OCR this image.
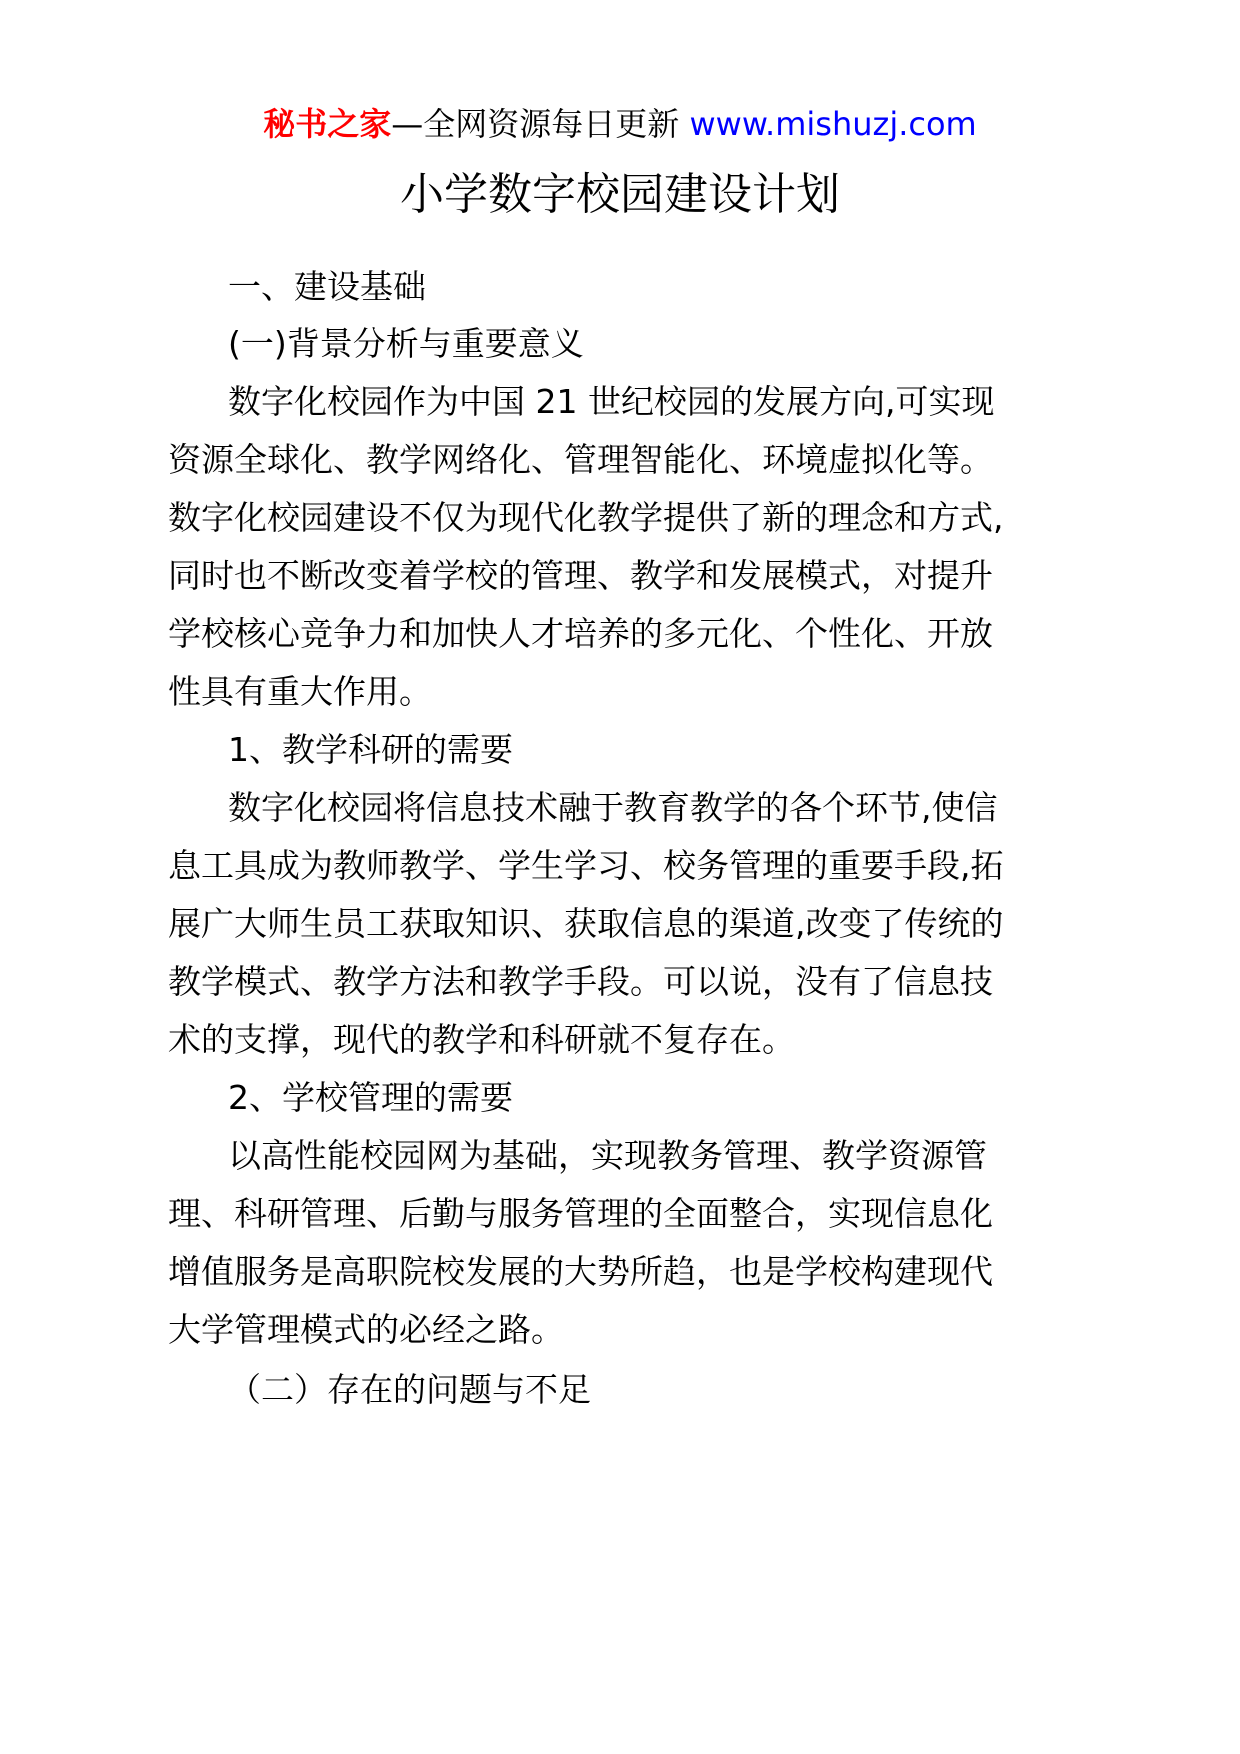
秘书之家—全网资源每日更新 www.mishuzj.com
小学数字校园建设计划
一、建设基础
(一)背景分析与重要意义
数字化校园作为中国 21 世纪校园的发展方向,可实现
资源全球化、教学网络化、管理智能化、环境虚拟化等。
数字化校园建设不仅为现代化教学提供了新的理念和方式,
同时也不断改变着学校的管理、教学和发展模式，对提升
学校核心竞争力和加快人才培养的多元化、个性化、开放
性具有重大作用。
1、教学科研的需要
数字化校园将信息技术融于教育教学的各个环节,使信
息工具成为教师教学、学生学习、校务管理的重要手段,拓
展广大师生员工获取知识、获取信息的渠道,改变了传统的
教学模式、教学方法和教学手段。可以说，没有了信息技
术的支撑，现代的教学和科研就不复存在。
2、学校管理的需要
以高性能校园网为基础，实现教务管理、教学资源管
理、科研管理、后勤与服务管理的全面整合，实现信息化
增值服务是高职院校发展的大势所趋，也是学校构建现代
大学管理模式的必经之路。
（二）存在的问题与不足
